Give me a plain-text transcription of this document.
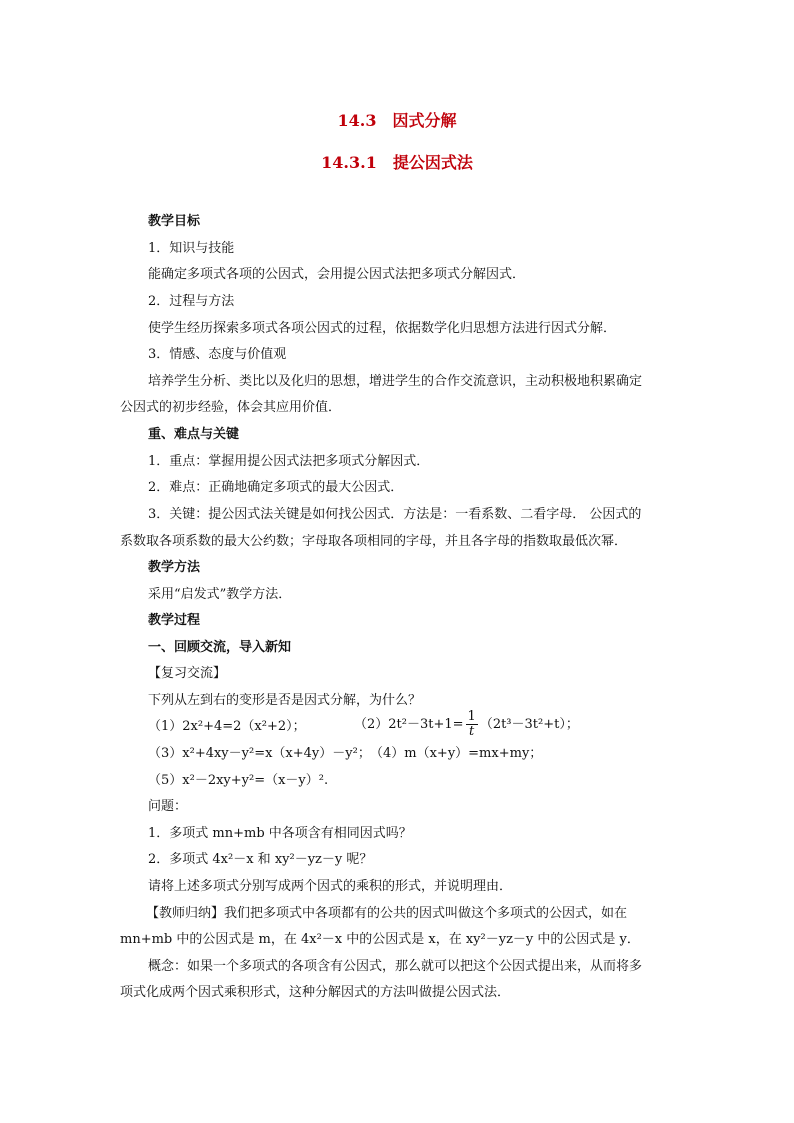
14.3　因式分解
14.3.1　提公因式法
教学目标
1．知识与技能
能确定多项式各项的公因式，会用提公因式法把多项式分解因式．
2．过程与方法
使学生经历探索多项式各项公因式的过程，依据数学化归思想方法进行因式分解．
3．情感、态度与价值观
培养学生分析、类比以及化归的思想，增进学生的合作交流意识，主动积极地积累确定
公因式的初步经验，体会其应用价值．
重、难点与关键
1．重点：掌握用提公因式法把多项式分解因式．
2．难点：正确地确定多项式的最大公因式．
3．关键：提公因式法关键是如何找公因式．方法是：一看系数、二看字母． 公因式的
系数取各项系数的最大公约数；字母取各项相同的字母，并且各字母的指数取最低次幂．
教学方法
采用“启发式”教学方法．
教学过程
一、回顾交流，导入新知
【复习交流】
下列从左到右的变形是否是因式分解，为什么？
（1）2x²+4=2（x²+2）；	$(2)2t^2-3t+1= \frac{1}{t} (2t^3-3t^2+t)$；
（3）x²+4xy－y²=x（x+4y）－y²； （4）m（x+y）=mx+my；
（5）x²－2xy+y²=（x－y）².
问题：
1．多项式 mn+mb 中各项含有相同因式吗？
2．多项式 4x²－x 和 xy²－yz－y 呢？
请将上述多项式分别写成两个因式的乘积的形式，并说明理由．
【教师归纳】我们把多项式中各项都有的公共的因式叫做这个多项式的公因式，如在
mn+mb 中的公因式是 m，在 4x²－x 中的公因式是 x，在 xy²－yz－y 中的公因式是 y．
概念：如果一个多项式的各项含有公因式，那么就可以把这个公因式提出来，从而将多
项式化成两个因式乘积形式，这种分解因式的方法叫做提公因式法．
